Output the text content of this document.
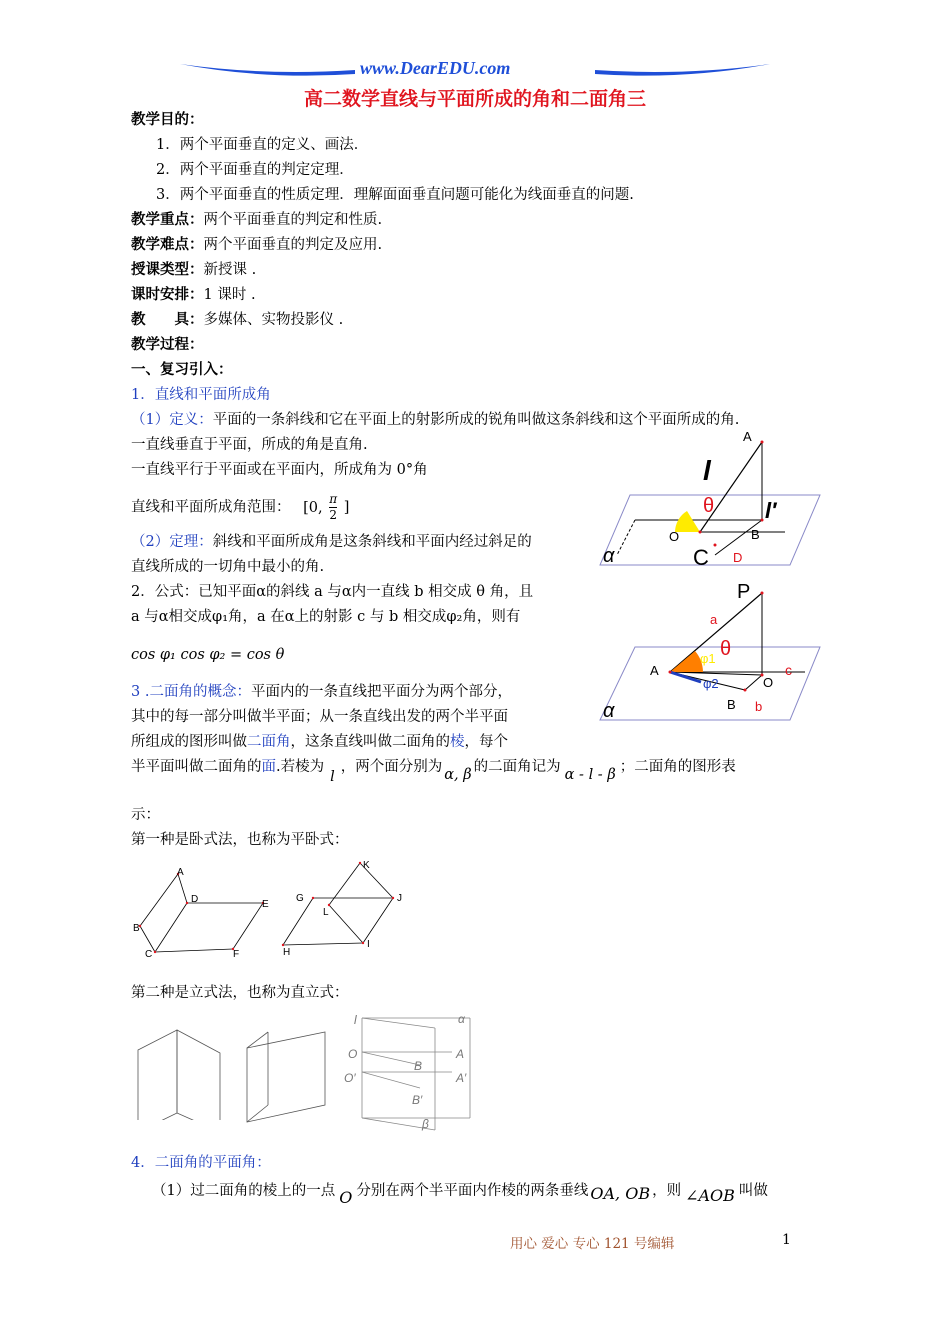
www.DearEDU.com
高二数学直线与平面所成的角和二面角三
教学目的：
1．两个平面垂直的定义、画法．
2．两个平面垂直的判定定理．
3．两个平面垂直的性质定理．理解面面垂直问题可能化为线面垂直的问题.
教学重点：两个平面垂直的判定和性质.
教学难点：两个平面垂直的判定及应用.
授课类型：新授课 .
课时安排：1 课时 .
教　　具：多媒体、实物投影仪 .
教学过程：
一、复习引入：
1．直线和平面所成角
（1）定义：平面的一条斜线和它在平面上的射影所成的锐角叫做这条斜线和这个平面所成的角.
一直线垂直于平面，所成的角是直角.
一直线平行于平面或在平面内，所成角为 0°角
直线和平面所成角范围： [0, $\frac{\pi}{2}$ ]
（2）定理：斜线和平面所成角是这条斜线和平面内经过斜足的
直线所成的一切角中最小的角.
2．公式：已知平面α的斜线 a 与α内一直线 b 相交成 θ 角，且
a 与α相交成φ₁角，a 在α上的射影 c 与 b 相交成φ₂角，则有
cos φ₁ cos φ₂ = cos θ
3 .二面角的概念：平面内的一条直线把平面分为两个部分，
其中的每一部分叫做半平面；从一条直线出发的两个半平面
所组成的图形叫做二面角，这条直线叫做二面角的棱，每个
半平面叫做二面角的面.若棱为l，两个面分别为 α, β 的二面角记为 α - l - β ；二面角的图形表
示：
第一种是卧式法，也称为平卧式：
第二种是立式法，也称为直立式：
4．二面角的平面角：
（1）过二面角的棱上的一点 O 分别在两个半平面内作棱的两条垂线 OA, OB ，则 ∠AOB 叫做
A
l
θ l′
O	B
C D
α
P
a
φ1 θ
A
φ2
c
O
B b
α
A
D	E
B
C	F
K
G	J
L
H
I
l	α
O	A
B
O′	A′
B′
β
用心 爱心 专心 121 号编辑	1
